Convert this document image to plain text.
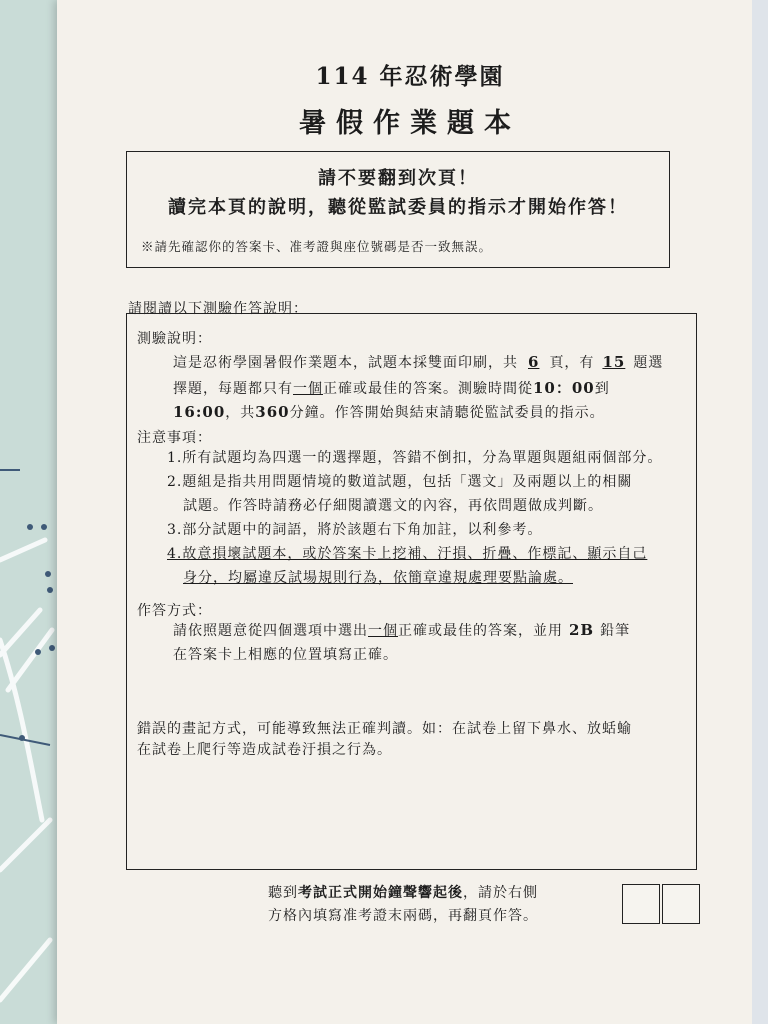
114 年忍術學園
暑假作業題本
請不要翻到次頁！
讀完本頁的說明，聽從監試委員的指示才開始作答！
※請先確認你的答案卡、准考證與座位號碼是否一致無誤。
請閱讀以下測驗作答說明：
測驗說明：
這是忍術學園暑假作業題本，試題本採雙面印刷，共 6 頁，有 15 題選
擇題，每題都只有一個正確或最佳的答案。測驗時間從10：00到
16:00，共360分鐘。作答開始與結束請聽從監試委員的指示。
注意事項：
1.所有試題均為四選一的選擇題，答錯不倒扣，分為單題與題組兩個部分。
2.題組是指共用問題情境的數道試題，包括「選文」及兩題以上的相關
試題。作答時請務必仔細閱讀選文的內容，再依問題做成判斷。
3.部分試題中的詞語，將於該題右下角加註，以利參考。
4.故意損壞試題本，或於答案卡上挖補、汙損、折疊、作標記、顯示自己
身分，均屬違反試場規則行為，依簡章違規處理要點論處。
作答方式：
請依照題意從四個選項中選出一個正確或最佳的答案，並用 2B 鉛筆
在答案卡上相應的位置填寫正確。
錯誤的畫記方式，可能導致無法正確判讀。如：在試卷上留下鼻水、放蛞蝓
在試卷上爬行等造成試卷汙損之行為。
聽到考試正式開始鐘聲響起後，請於右側
方格內填寫准考證末兩碼，再翻頁作答。
